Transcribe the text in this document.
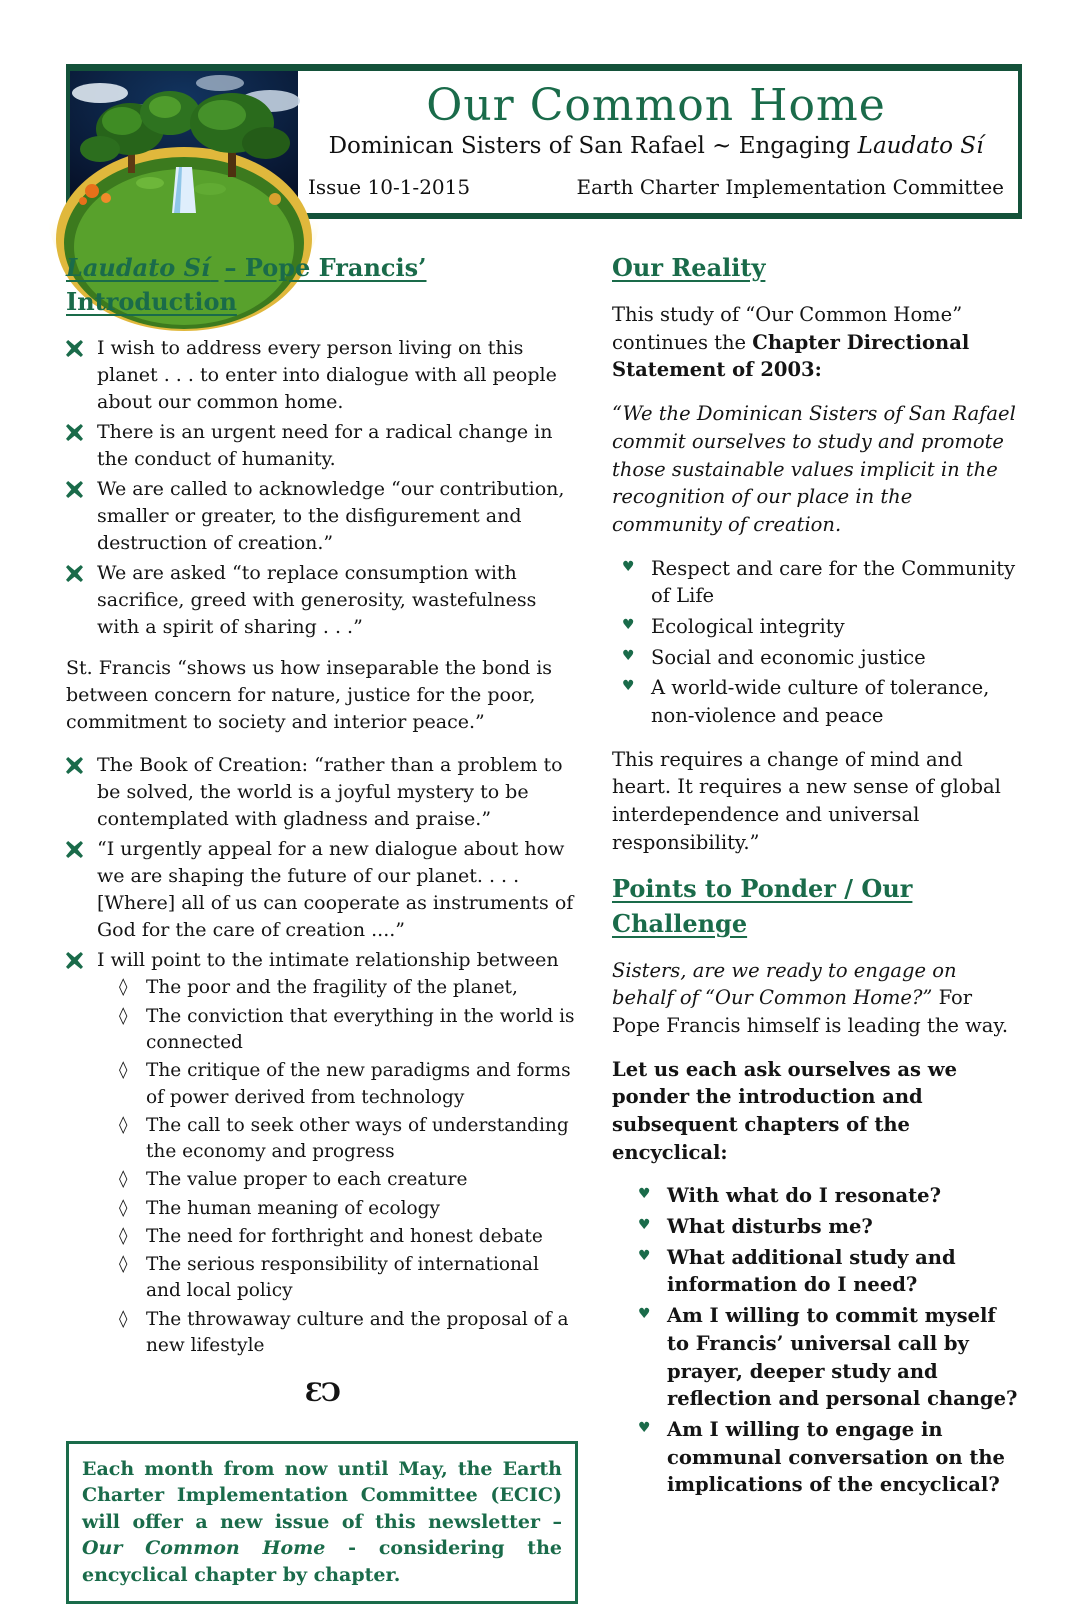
Our Common Home
Dominican Sisters of San Rafael ~ Engaging Laudato Sí
Issue 10-1-2015	Earth Charter Implementation Committee
Laudato Sí – Pope Francis’ Introduction
I wish to address every person living on this planet . . . to enter into dialogue with all people about our common home.
There is an urgent need for a radical change in the conduct of humanity.
We are called to acknowledge “our contribution, smaller or greater, to the disfigurement and destruction of creation.”
We are asked “to replace consumption with sacrifice, greed with generosity, wastefulness with a spirit of sharing . . .”

St. Francis “shows us how inseparable the bond is between concern for nature, justice for the poor, commitment to society and interior peace.”

The Book of Creation: “rather than a problem to be solved, the world is a joyful mystery to be contemplated with gladness and praise.”
“I urgently appeal for a new dialogue about how we are shaping the future of our planet. . . . [Where] all of us can cooperate as instruments of God for the care of creation ....”
I will point to the intimate relationship between
◊ The poor and the fragility of the planet,
◊ The conviction that everything in the world is connected
◊ The critique of the new paradigms and forms of power derived from technology
◊ The call to seek other ways of understanding the economy and progress
◊ The value proper to each creature
◊ The human meaning of ecology
◊ The need for forthright and honest debate
◊ The serious responsibility of international and local policy
◊ The throwaway culture and the proposal of a new lifestyle
ƐϽ
Each month from now until May, the Earth Charter Implementation Committee (ECIC) will offer a new issue of this newsletter – Our Common Home - considering the encyclical chapter by chapter.
Our Reality

This study of “Our Common Home” continues the Chapter Directional Statement of 2003:

“We the Dominican Sisters of San Rafael commit ourselves to study and promote those sustainable values implicit in the recognition of our place in the community of creation.

♥ Respect and care for the Community of Life
♥ Ecological integrity
♥ Social and economic justice
♥ A world-wide culture of tolerance, non-violence and peace

This requires a change of mind and heart. It requires a new sense of global interdependence and universal responsibility.”

Points to Ponder / Our Challenge

Sisters, are we ready to engage on behalf of “Our Common Home?” For Pope Francis himself is leading the way.

Let us each ask ourselves as we ponder the introduction and subsequent chapters of the encyclical:

♥ With what do I resonate?
♥ What disturbs me?
♥ What additional study and information do I need?
♥ Am I willing to commit myself to Francis’ universal call by prayer, deeper study and reflection and personal change?
♥ Am I willing to engage in communal conversation on the implications of the encyclical?
